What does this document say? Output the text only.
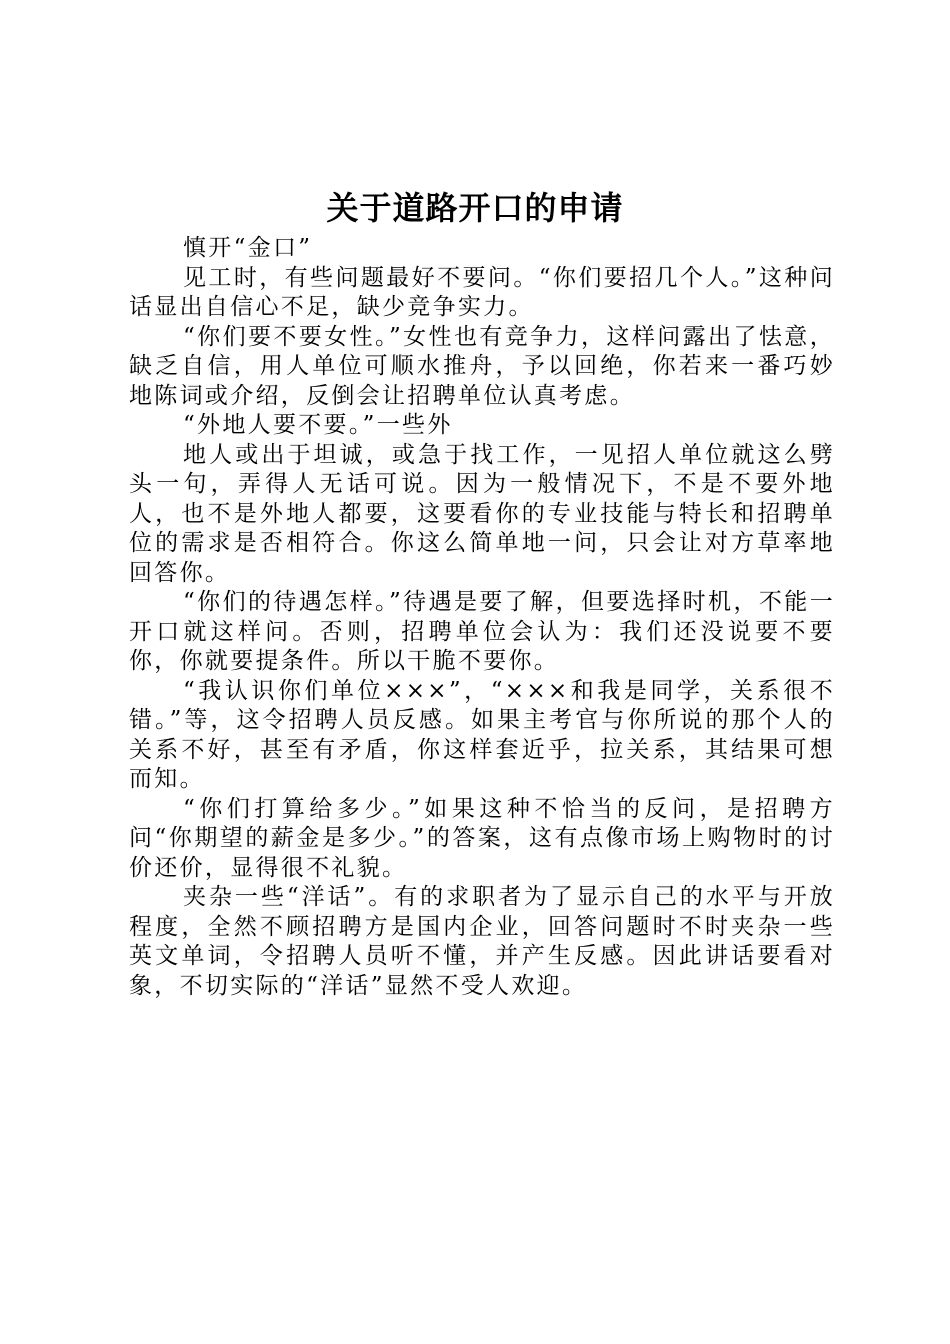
关于道路开口的申请

慎开“金口”

见工时，有些问题最好不要问。“你们要招几个人。”这种问话显出自信心不足，缺少竞争实力。

“你们要不要女性。”女性也有竞争力，这样问露出了怯意，缺乏自信，用人单位可顺水推舟，予以回绝，你若来一番巧妙地陈词或介绍，反倒会让招聘单位认真考虑。

“外地人要不要。”一些外

地人或出于坦诚，或急于找工作，一见招人单位就这么劈头一句，弄得人无话可说。因为一般情况下，不是不要外地人，也不是外地人都要，这要看你的专业技能与特长和招聘单位的需求是否相符合。你这么简单地一问，只会让对方草率地回答你。

“你们的待遇怎样。”待遇是要了解，但要选择时机，不能一开口就这样问。否则，招聘单位会认为：我们还没说要不要你，你就要提条件。所以干脆不要你。

“我认识你们单位×××”，“×××和我是同学，关系很不错。”等，这令招聘人员反感。如果主考官与你所说的那个人的关系不好，甚至有矛盾，你这样套近乎，拉关系，其结果可想而知。

“你们打算给多少。”如果这种不恰当的反问，是招聘方问“你期望的薪金是多少。”的答案，这有点像市场上购物时的讨价还价，显得很不礼貌。

夹杂一些“洋话”。有的求职者为了显示自己的水平与开放程度，全然不顾招聘方是国内企业，回答问题时不时夹杂一些英文单词，令招聘人员听不懂，并产生反感。因此讲话要看对象，不切实际的“洋话”显然不受人欢迎。
